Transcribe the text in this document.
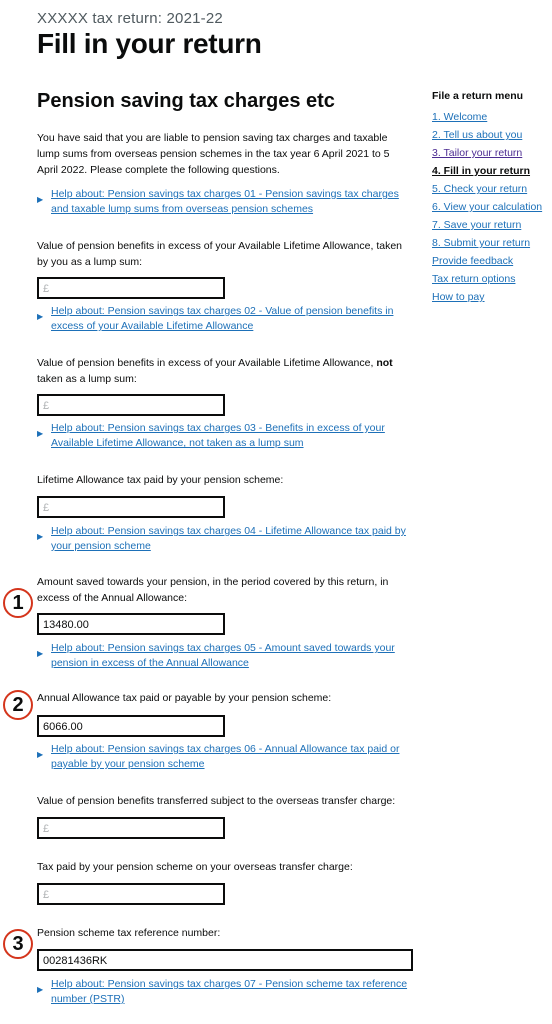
XXXXX tax return: 2021-22
Fill in your return
Pension saving tax charges etc

You have said that you are liable to pension saving tax charges and taxable lump sums from overseas pension schemes in the tax year 6 April 2021 to 5 April 2022. Please complete the following questions.

▶ Help about: Pension savings tax charges 01 - Pension savings tax charges and taxable lump sums from overseas pension schemes
Value of pension benefits in excess of your Available Lifetime Allowance, taken by you as a lump sum:
£
▶ Help about: Pension savings tax charges 02 - Value of pension benefits in excess of your Available Lifetime Allowance
Value of pension benefits in excess of your Available Lifetime Allowance, not taken as a lump sum:
£
▶ Help about: Pension savings tax charges 03 - Benefits in excess of your Available Lifetime Allowance, not taken as a lump sum
Lifetime Allowance tax paid by your pension scheme:
£
▶ Help about: Pension savings tax charges 04 - Lifetime Allowance tax paid by your pension scheme
1
Amount saved towards your pension, in the period covered by this return, in excess of the Annual Allowance:
13480.00
▶ Help about: Pension savings tax charges 05 - Amount saved towards your pension in excess of the Annual Allowance
2	Annual Allowance tax paid or payable by your pension scheme:
6066.00
▶ Help about: Pension savings tax charges 06 - Annual Allowance tax paid or payable by your pension scheme
Value of pension benefits transferred subject to the overseas transfer charge:
£
Tax paid by your pension scheme on your overseas transfer charge:
£
3	Pension scheme tax reference number:
00281436RK
▶ Help about: Pension savings tax charges 07 - Pension scheme tax reference number (PSTR)
File a return menu
1. Welcome
2. Tell us about you
3. Tailor your return
4. Fill in your return
5. Check your return
6. View your calculation
7. Save your return
8. Submit your return
Provide feedback
Tax return options
How to pay
